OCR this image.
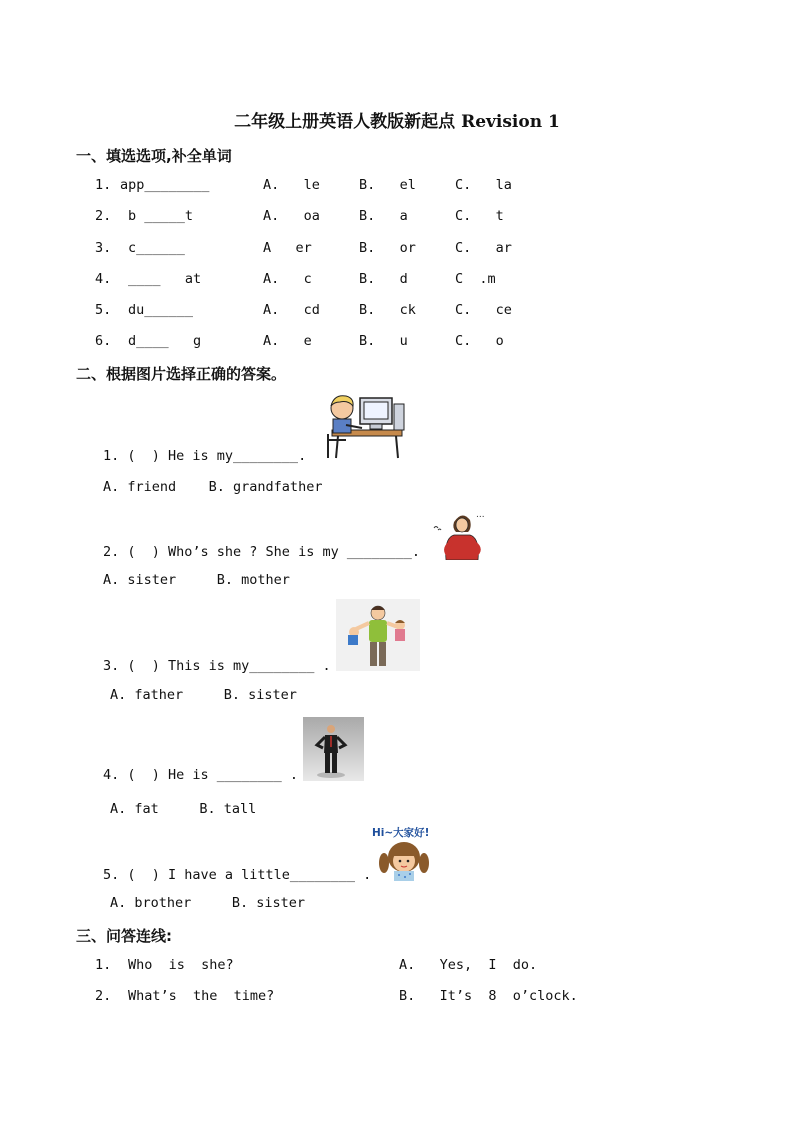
二年级上册英语人教版新起点 Revision 1
一、填选选项,补全单词
1. app________	A.   le	B.   el	C.   la
2. b _____t	A.   oa	B.   a	C.   t
3. c______	A   er	B.   or	C.   ar
4. ____   at	A.   c	B.   d	C  .m
5. du______	A.   cd	B.   ck	C.   ce
6. d____   g	A.   e	B.   u	C.   o
二、根据图片选择正确的答案。
1. (  ) He is my________.
A. friend    B. grandfather
...
2. (  ) Who’s she ? She is my ________.
A. sister     B. mother
3. (  ) This is my________ .
A. father     B. sister
4. (  ) He is ________ .
A. fat     B. tall
Hi~大家好!
5. (  ) I have a little________ .
A. brother     B. sister
三、问答连线:
1. Who  is  she?	A.   Yes,  I  do.
2. What’s  the  time?	B.   It’s  8  o’clock.
